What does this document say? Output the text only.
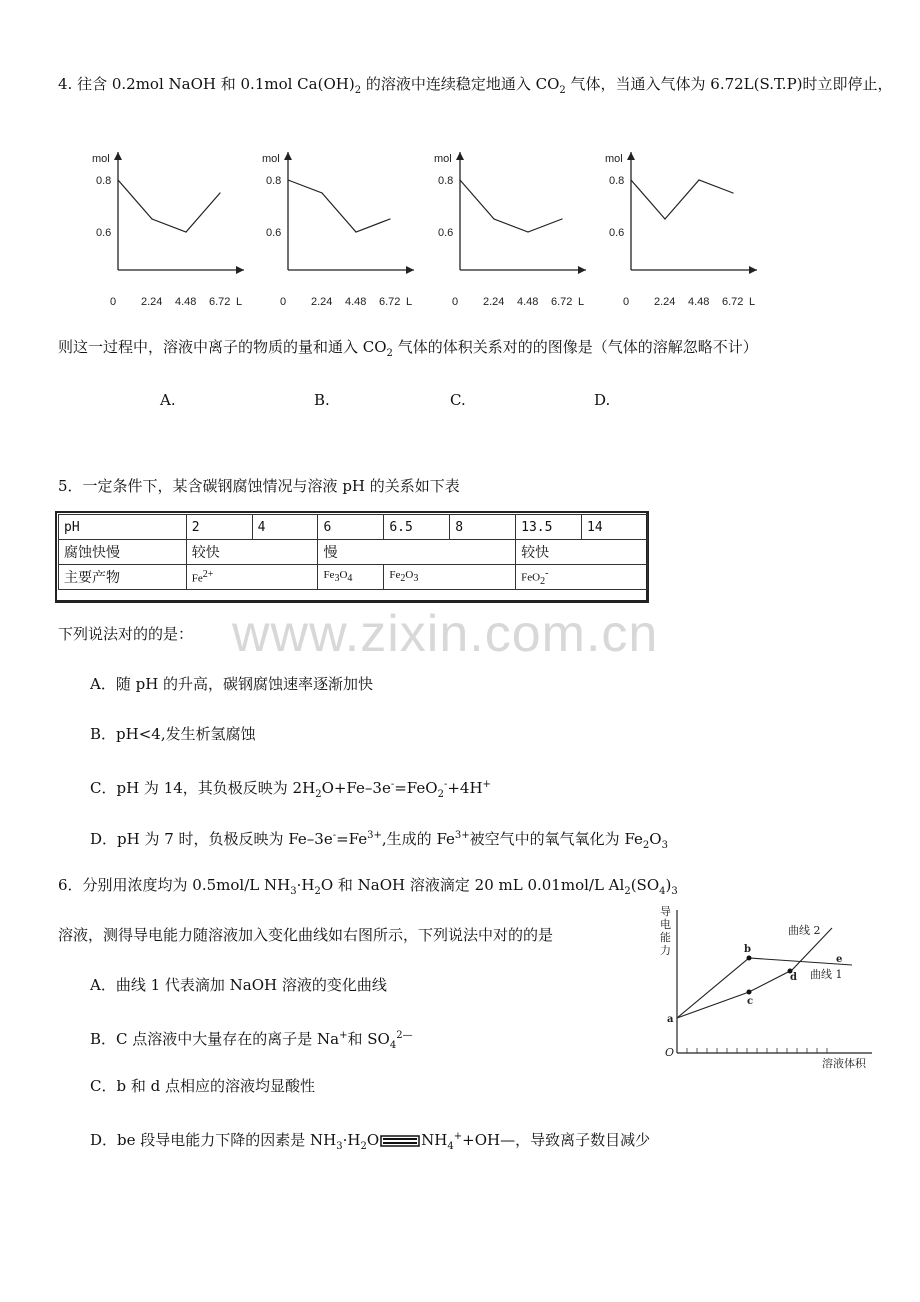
4. 往含 0.2mol NaOH 和 0.1mol $Ca(OH)_2$ 的溶液中连续稳定地通入 $CO_2$ 气体，当通入气体为 6.72L(S.T.P)时立即停止，
mol
0.8
0.6
0 2.24 4.48 6.72 L
mol
0.8
0.6
0 2.24 4.48 6.72 L
mol
0.8
0.6
0 2.24 4.48 6.72 L
mol
0.8
0.6
0 2.24 4.48 6.72 L
则这一过程中，溶液中离子的物质的量和通入 $CO_2$ 气体的体积关系对的的图像是（气体的溶解忽略不计）
A.	B.	C.	D.
5．一定条件下，某含碳钢腐蚀情况与溶液 pH 的关系如下表
pH	2	4	6	6.5	8	13.5	14
腐蚀快慢	较快		慢			较快	
主要产物	$Fe^{2+}$		$Fe_3O_4$	$Fe_2O_3$		FeO$_2$-
www.zixin.com.cn
下列说法对的的是：
A．随 pH 的升高，碳钢腐蚀速率逐渐加快
B．pH<4,发生析氢腐蚀
C．pH 为 14，其负极反映为 $2H_2O+Fe-3e^-=FeO_2^-+4H^+$
D．pH 为 7 时，负极反映为 $Fe-3e^-=Fe^{3+}$,生成的 $Fe^{3+}$被空气中的氧气氧化为 $Fe_2O_3$
6．分别用浓度均为 0.5mol/L $NH_3\cdot H_2O$ 和 NaOH 溶液滴定 20 mL 0.01mol/L $Al_2(SO_4)_3$
溶液，测得导电能力随溶液加入变化曲线如右图所示，下列说法中对的的是
A．曲线 1 代表滴加 NaOH 溶液的变化曲线
B．C 点溶液中大量存在的离子是 Na+和 $SO_4^{2—}$
C．b 和 d 点相应的溶液均显酸性
D．be 段导电能力下降的因素是 $NH_3\cdot H_2O$	$NH_4^++OH—$，导致离子数目减少
导
电
能
力
O
溶液体积
a
b
c
d
e
曲线 2
曲线 1
